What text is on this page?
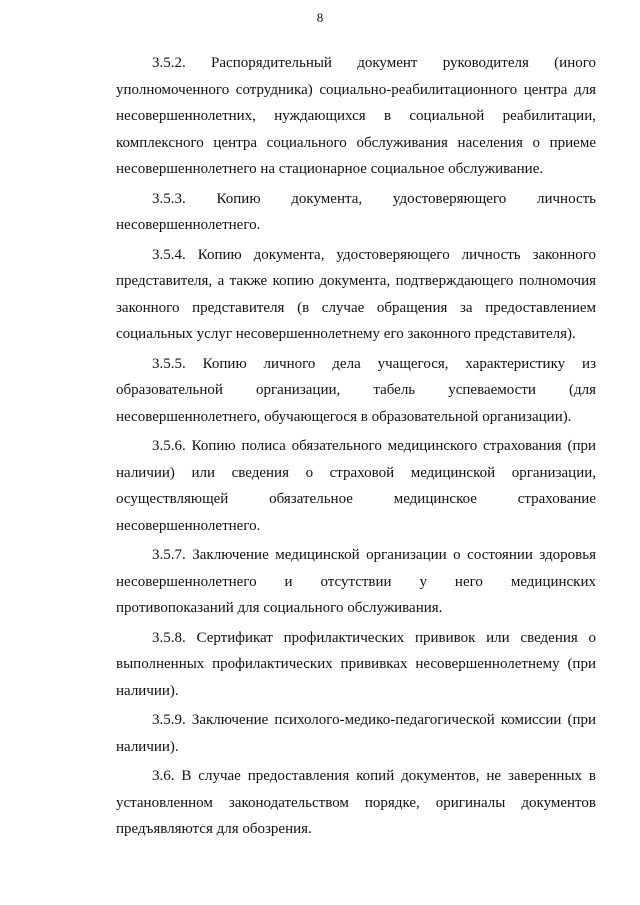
8

3.5.2. Распорядительный документ руководителя (иного уполномоченного сотрудника) социально-реабилитационного центра для несовершеннолетних, нуждающихся в социальной реабилитации, комплексного центра социального обслуживания населения о приеме несовершеннолетнего на стационарное социальное обслуживание.

3.5.3. Копию документа, удостоверяющего личность несовершеннолетнего.

3.5.4. Копию документа, удостоверяющего личность законного представителя, а также копию документа, подтверждающего полномочия законного представителя (в случае обращения за предоставлением социальных услуг несовершеннолетнему его законного представителя).

3.5.5. Копию личного дела учащегося, характеристику из образовательной организации, табель успеваемости (для несовершеннолетнего, обучающегося в образовательной организации).

3.5.6. Копию полиса обязательного медицинского страхования (при наличии) или сведения о страховой медицинской организации, осуществляющей обязательное медицинское страхование несовершеннолетнего.

3.5.7. Заключение медицинской организации о состоянии здоровья несовершеннолетнего и отсутствии у него медицинских противопоказаний для социального обслуживания.

3.5.8. Сертификат профилактических прививок или сведения о выполненных профилактических прививках несовершеннолетнему (при наличии).

3.5.9. Заключение психолого-медико-педагогической комиссии (при наличии).

3.6. В случае предоставления копий документов, не заверенных в установленном законодательством порядке, оригиналы документов предъявляются для обозрения.
